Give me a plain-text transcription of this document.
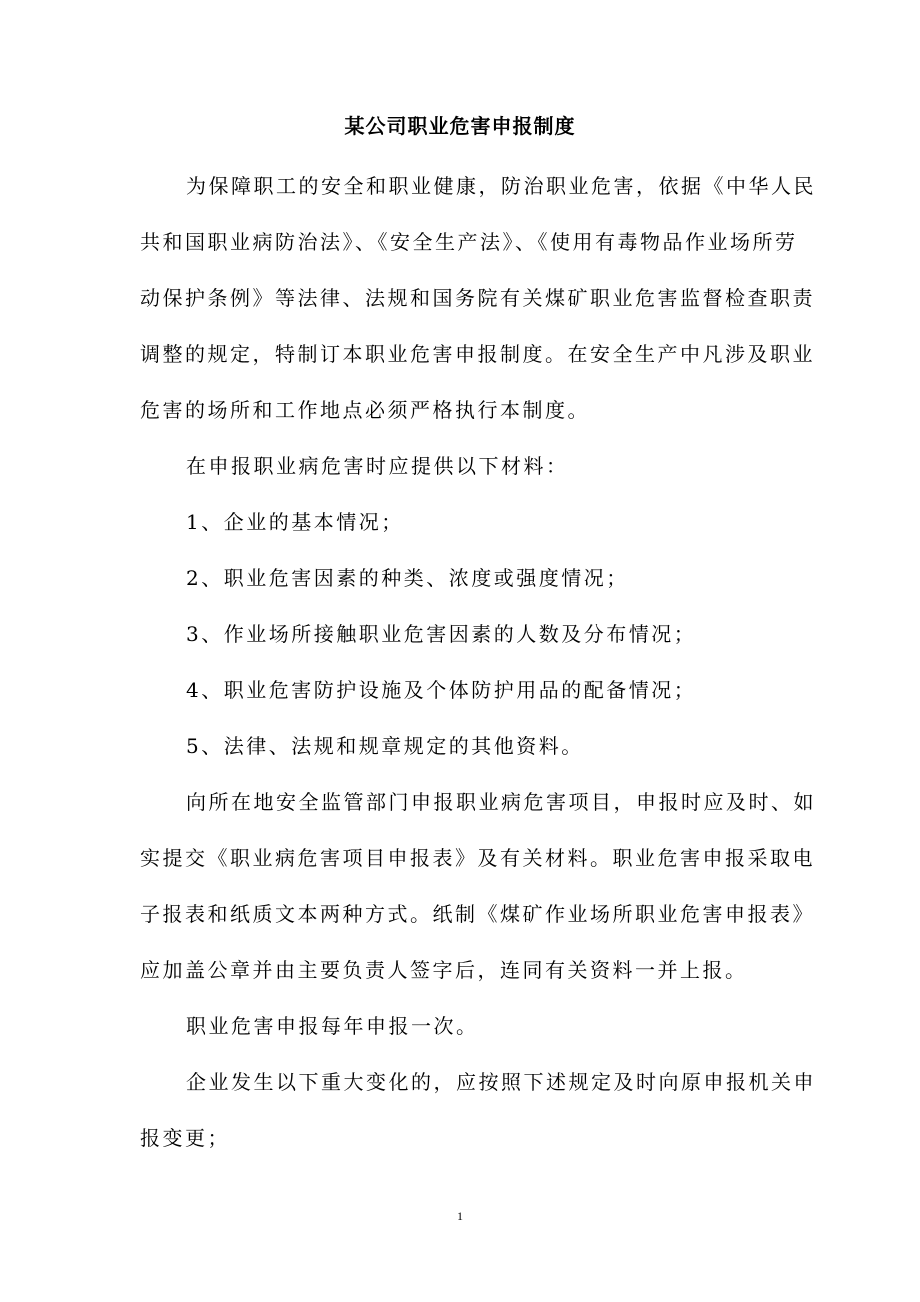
某公司职业危害申报制度
为保障职工的安全和职业健康，防治职业危害，依据《中华人民
共和国职业病防治法》、《安全生产法》、《使用有毒物品作业场所劳
动保护条例》等法律、法规和国务院有关煤矿职业危害监督检查职责
调整的规定，特制订本职业危害申报制度。在安全生产中凡涉及职业
危害的场所和工作地点必须严格执行本制度。
在申报职业病危害时应提供以下材料：
1、企业的基本情况；
2、职业危害因素的种类、浓度或强度情况；
3、作业场所接触职业危害因素的人数及分布情况；
4、职业危害防护设施及个体防护用品的配备情况；
5、法律、法规和规章规定的其他资料。
向所在地安全监管部门申报职业病危害项目，申报时应及时、如
实提交《职业病危害项目申报表》及有关材料。职业危害申报采取电
子报表和纸质文本两种方式。纸制《煤矿作业场所职业危害申报表》
应加盖公章并由主要负责人签字后，连同有关资料一并上报。
职业危害申报每年申报一次。
企业发生以下重大变化的，应按照下述规定及时向原申报机关申
报变更；
1
